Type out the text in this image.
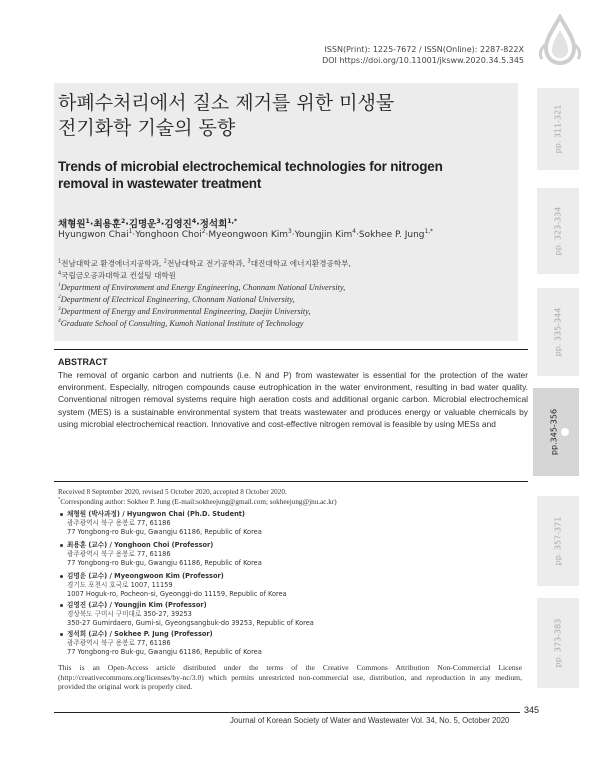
ISSN(Print): 1225-7672 / ISSN(Online): 2287-822X
DOI https://doi.org/10.11001/jksww.2020.34.5.345
하폐수처리에서 질소 제거를 위한 미생물
전기화학 기술의 동향
Trends of microbial electrochemical technologies for nitrogen
removal in wastewater treatment
채형원$^1$·최용훈$^2$·김명운$^3$·김영진$^4$·정석희$^{1,*}$
Hyungwon Chai$^1$·Yonghoon Choi$^2$·Myeongwoon Kim$^3$·Youngjin Kim$^4$·Sokhee P. Jung$^{1,*}$
$^1$전남대학교 환경에너지공학과, $^2$전남대학교 전기공학과, $^3$대진대학교 에너지환경공학부,
$^4$국립금오공과대학교 컨설팅 대학원
$^1$Department of Environment and Energy Engineering, Chonnam National University,
$^2$Department of Electrical Engineering, Chonnam National University,
$^3$Department of Energy and Environmental Engineering, Daejin University,
$^4$Graduate School of Consulting, Kumoh National Institute of Technology
ABSTRACT
The removal of organic carbon and nutrients (i.e. N and P) from wastewater is essential for the protection of the water environment. Especially, nitrogen compounds cause eutrophication in the water environment, resulting in bad water quality. Conventional nitrogen removal systems require high aeration costs and additional organic carbon. Microbial electrochemical system (MES) is a sustainable environmental system that treats wastewater and produces energy or valuable chemicals by using microbial electrochemical reaction. Innovative and cost-effective nitrogen removal is feasible by using MESs and
Received 8 September 2020, revised 5 October 2020, accepted 8 October 2020.
*Corresponding author: Sokhee P. Jung (E-mail:sokheejung@gmail.com; sokheejung@jnu.ac.kr)
채형원 (박사과정) / Hyungwon Chai (Ph.D. Student)
광주광역시 북구 용봉로 77, 61186
77 Yongbong-ro Buk-gu, Gwangju 61186, Republic of Korea
최용훈 (교수) / Yonghoon Choi (Professor)
광주광역시 북구 용봉로 77, 61186
77 Yongbong-ro Buk-gu, Gwangju 61186, Republic of Korea
김명운 (교수) / Myeongwoon Kim (Professor)
경기도 포천시 호국로 1007, 11159
1007 Hoguk-ro, Pocheon-si, Gyeonggi-do 11159, Republic of Korea
김영진 (교수) / Youngjin Kim (Professor)
경상북도 구미시 구미대로 350-27, 39253
350-27 Gumirdaero, Gumi-si, Gyeongsangbuk-do 39253, Republic of Korea
정석희 (교수) / Sokhee P. Jung (Professor)
광주광역시 북구 용봉로 77, 61186
77 Yongbong-ro Buk-gu, Gwangju 61186, Republic of Korea
This is an Open-Access article distributed under the terms of the Creative Commons Attribution Non-Commercial License (http://creativecommons.org/licenses/by-nc/3.0) which permits unrestricted non-commercial use, distribution, and reproduction in any medium, provided the original work is properly cited.
345
Journal of Korean Society of Water and Wastewater Vol. 34, No. 5, October 2020
pp. 311-321
pp. 323-334
pp. 335-344
pp.345-356
pp. 357-371
pp. 373-383
